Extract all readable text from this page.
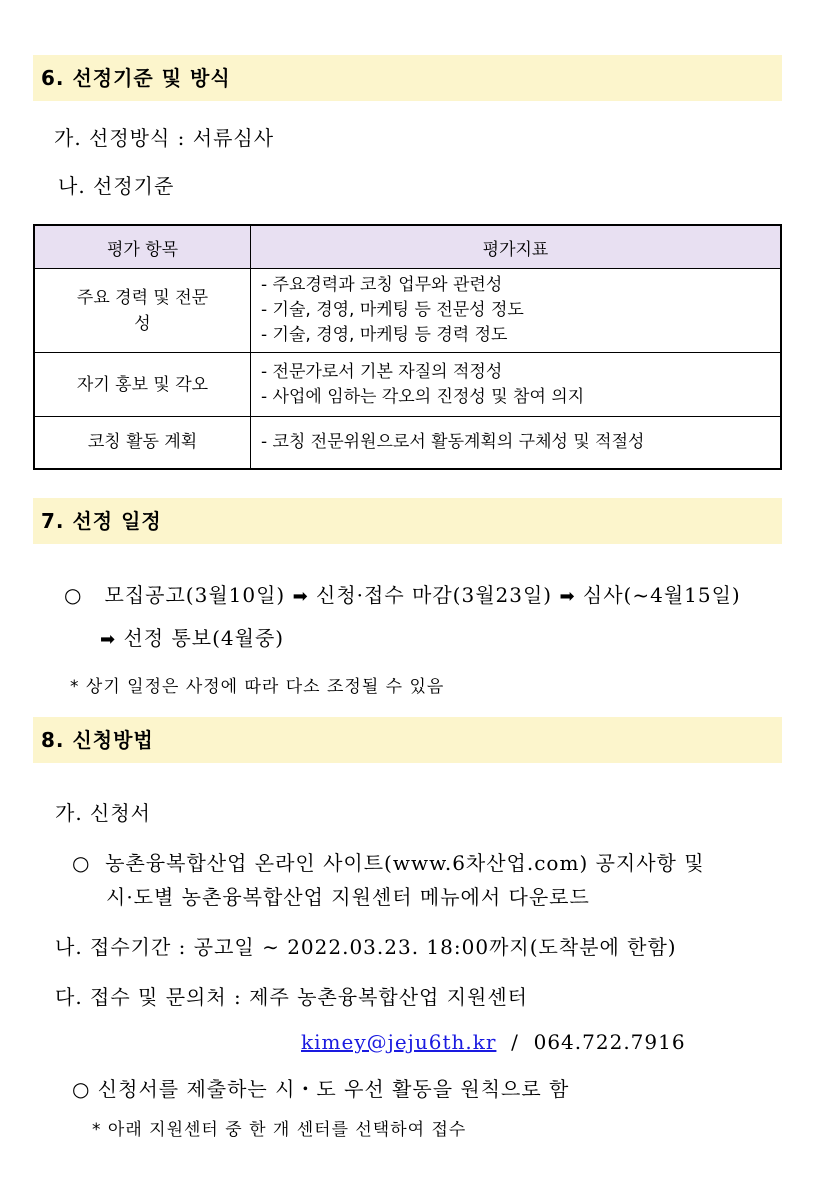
6. 선정기준 및 방식
가. 선정방식 : 서류심사
나. 선정기준
평가 항목	평가지표
주요 경력 및 전문성	- 주요경력과 코칭 업무와 관련성
- 기술, 경영, 마케팅 등 전문성 정도
- 기술, 경영, 마케팅 등 경력 정도

자기 홍보 및 각오	- 전문가로서 기본 자질의 적정성
- 사업에 임하는 각오의 진정성 및 참여 의지

코칭 활동 계획	- 코칭 전문위원으로서 활동계획의 구체성 및 적절성
7. 선정 일정
○ 모집공고(3월10일) ➡ 신청·접수 마감(3월23일) ➡ 심사(~4월15일)
➡ 선정 통보(4월중)
* 상기 일정은 사정에 따라 다소 조정될 수 있음
8. 신청방법
가. 신청서
○ 농촌융복합산업 온라인 사이트(www.6차산업.com) 공지사항 및
시·도별 농촌융복합산업 지원센터 메뉴에서 다운로드
나. 접수기간 : 공고일 ∼ 2022.03.23. 18:00까지(도착분에 한함)
다. 접수 및 문의처 : 제주 농촌융복합산업 지원센터
kimey@jeju6th.kr / 064.722.7916
○ 신청서를 제출하는 시・도 우선 활동을 원칙으로 함
* 아래 지원센터 중 한 개 센터를 선택하여 접수
